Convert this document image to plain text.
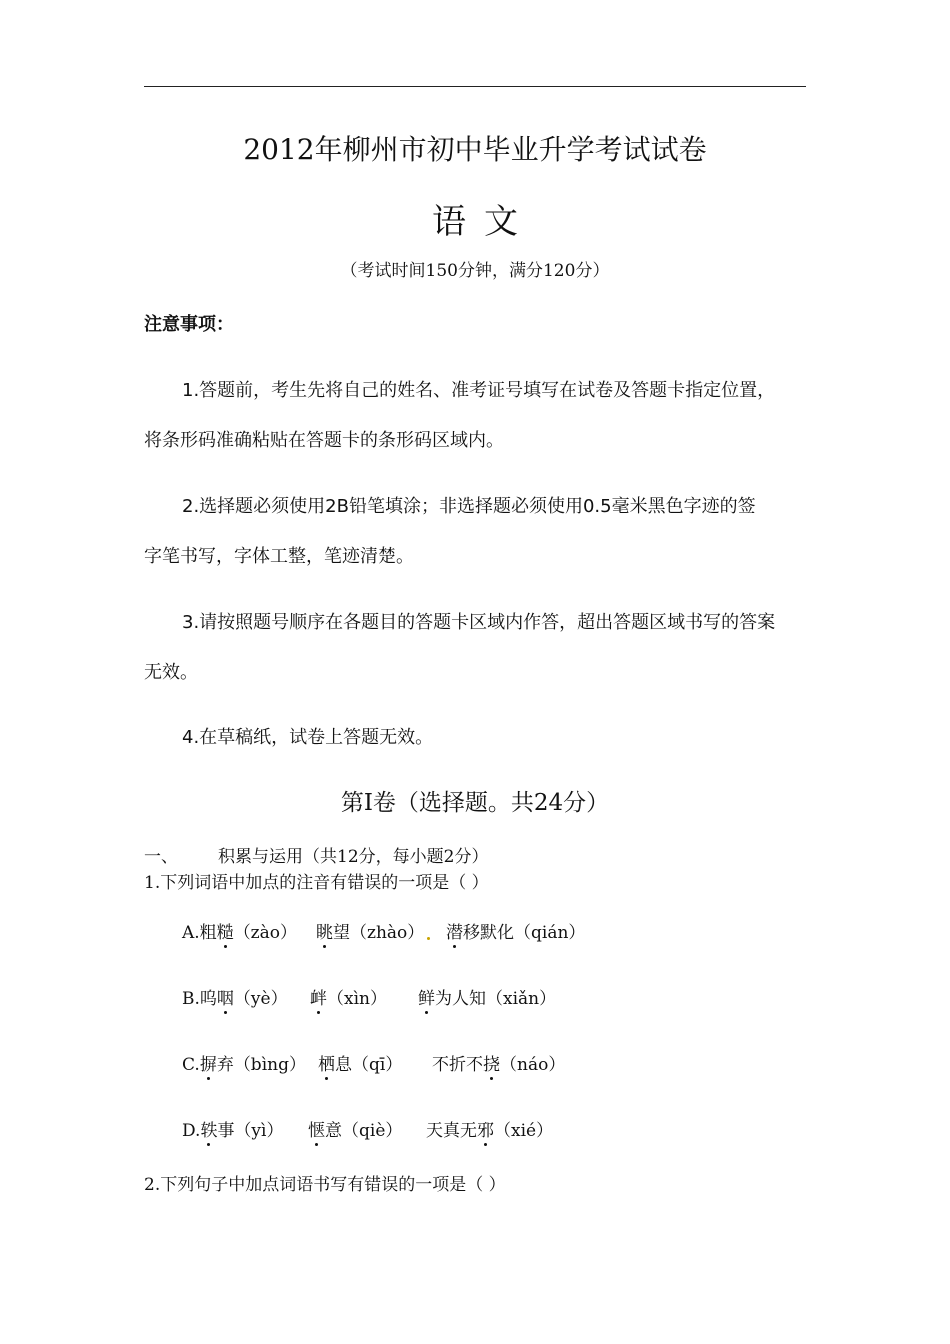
2012年柳州市初中毕业升学考试试卷
语文
（考试时间150分钟，满分120分）
注意事项：
1.答题前，考生先将自己的姓名、准考证号填写在试卷及答题卡指定位置，
将条形码准确粘贴在答题卡的条形码区域内。
2.选择题必须使用2B铅笔填涂；非选择题必须使用0.5毫米黑色字迹的签
字笔书写，字体工整，笔迹清楚。
3.请按照题号顺序在各题目的答题卡区域内作答，超出答题区域书写的答案
无效。
4.在草稿纸，试卷上答题无效。
第Ⅰ卷（选择题。共24分）
一、 积累与运用（共12分，每小题2分）
1.下列词语中加点的注音有错误的一项是（ ）
A.粗糙（zào） 眺望（zhào） 潜移默化（qián）
B.呜咽（yè） 衅（xìn） 鲜为人知（xiǎn）
C.摒弃（bìng） 栖息（qī） 不折不挠（náo）
D.轶事（yì） 惬意（qiè） 天真无邪（xié）
2.下列句子中加点词语书写有错误的一项是（ ）
